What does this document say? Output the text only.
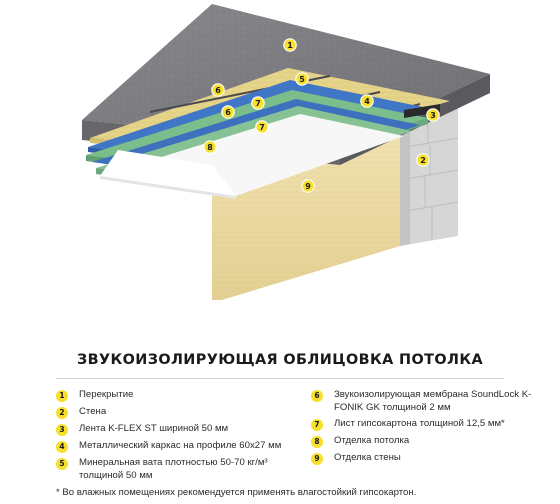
1
2
3
4
5
6
6
7
7
8
9
ЗВУКОИЗОЛИРУЮЩАЯ ОБЛИЦОВКА ПОТОЛКА
1	Перекрытие
2	Стена
3	Лента K-FLEX ST шириной 50 мм
4	Металлический каркас на профиле 60х27 мм
5	Минеральная вата плотностью 50-70 кг/м³ толщиной 50 мм
6	Звукоизолирующая мембрана SoundLock K-FONIK GK толщиной 2 мм
7	Лист гипсокартона толщиной 12,5 мм*
8	Отделка потолка
9	Отделка стены
* Во влажных помещениях рекомендуется применять влагостойкий гипсокартон.
